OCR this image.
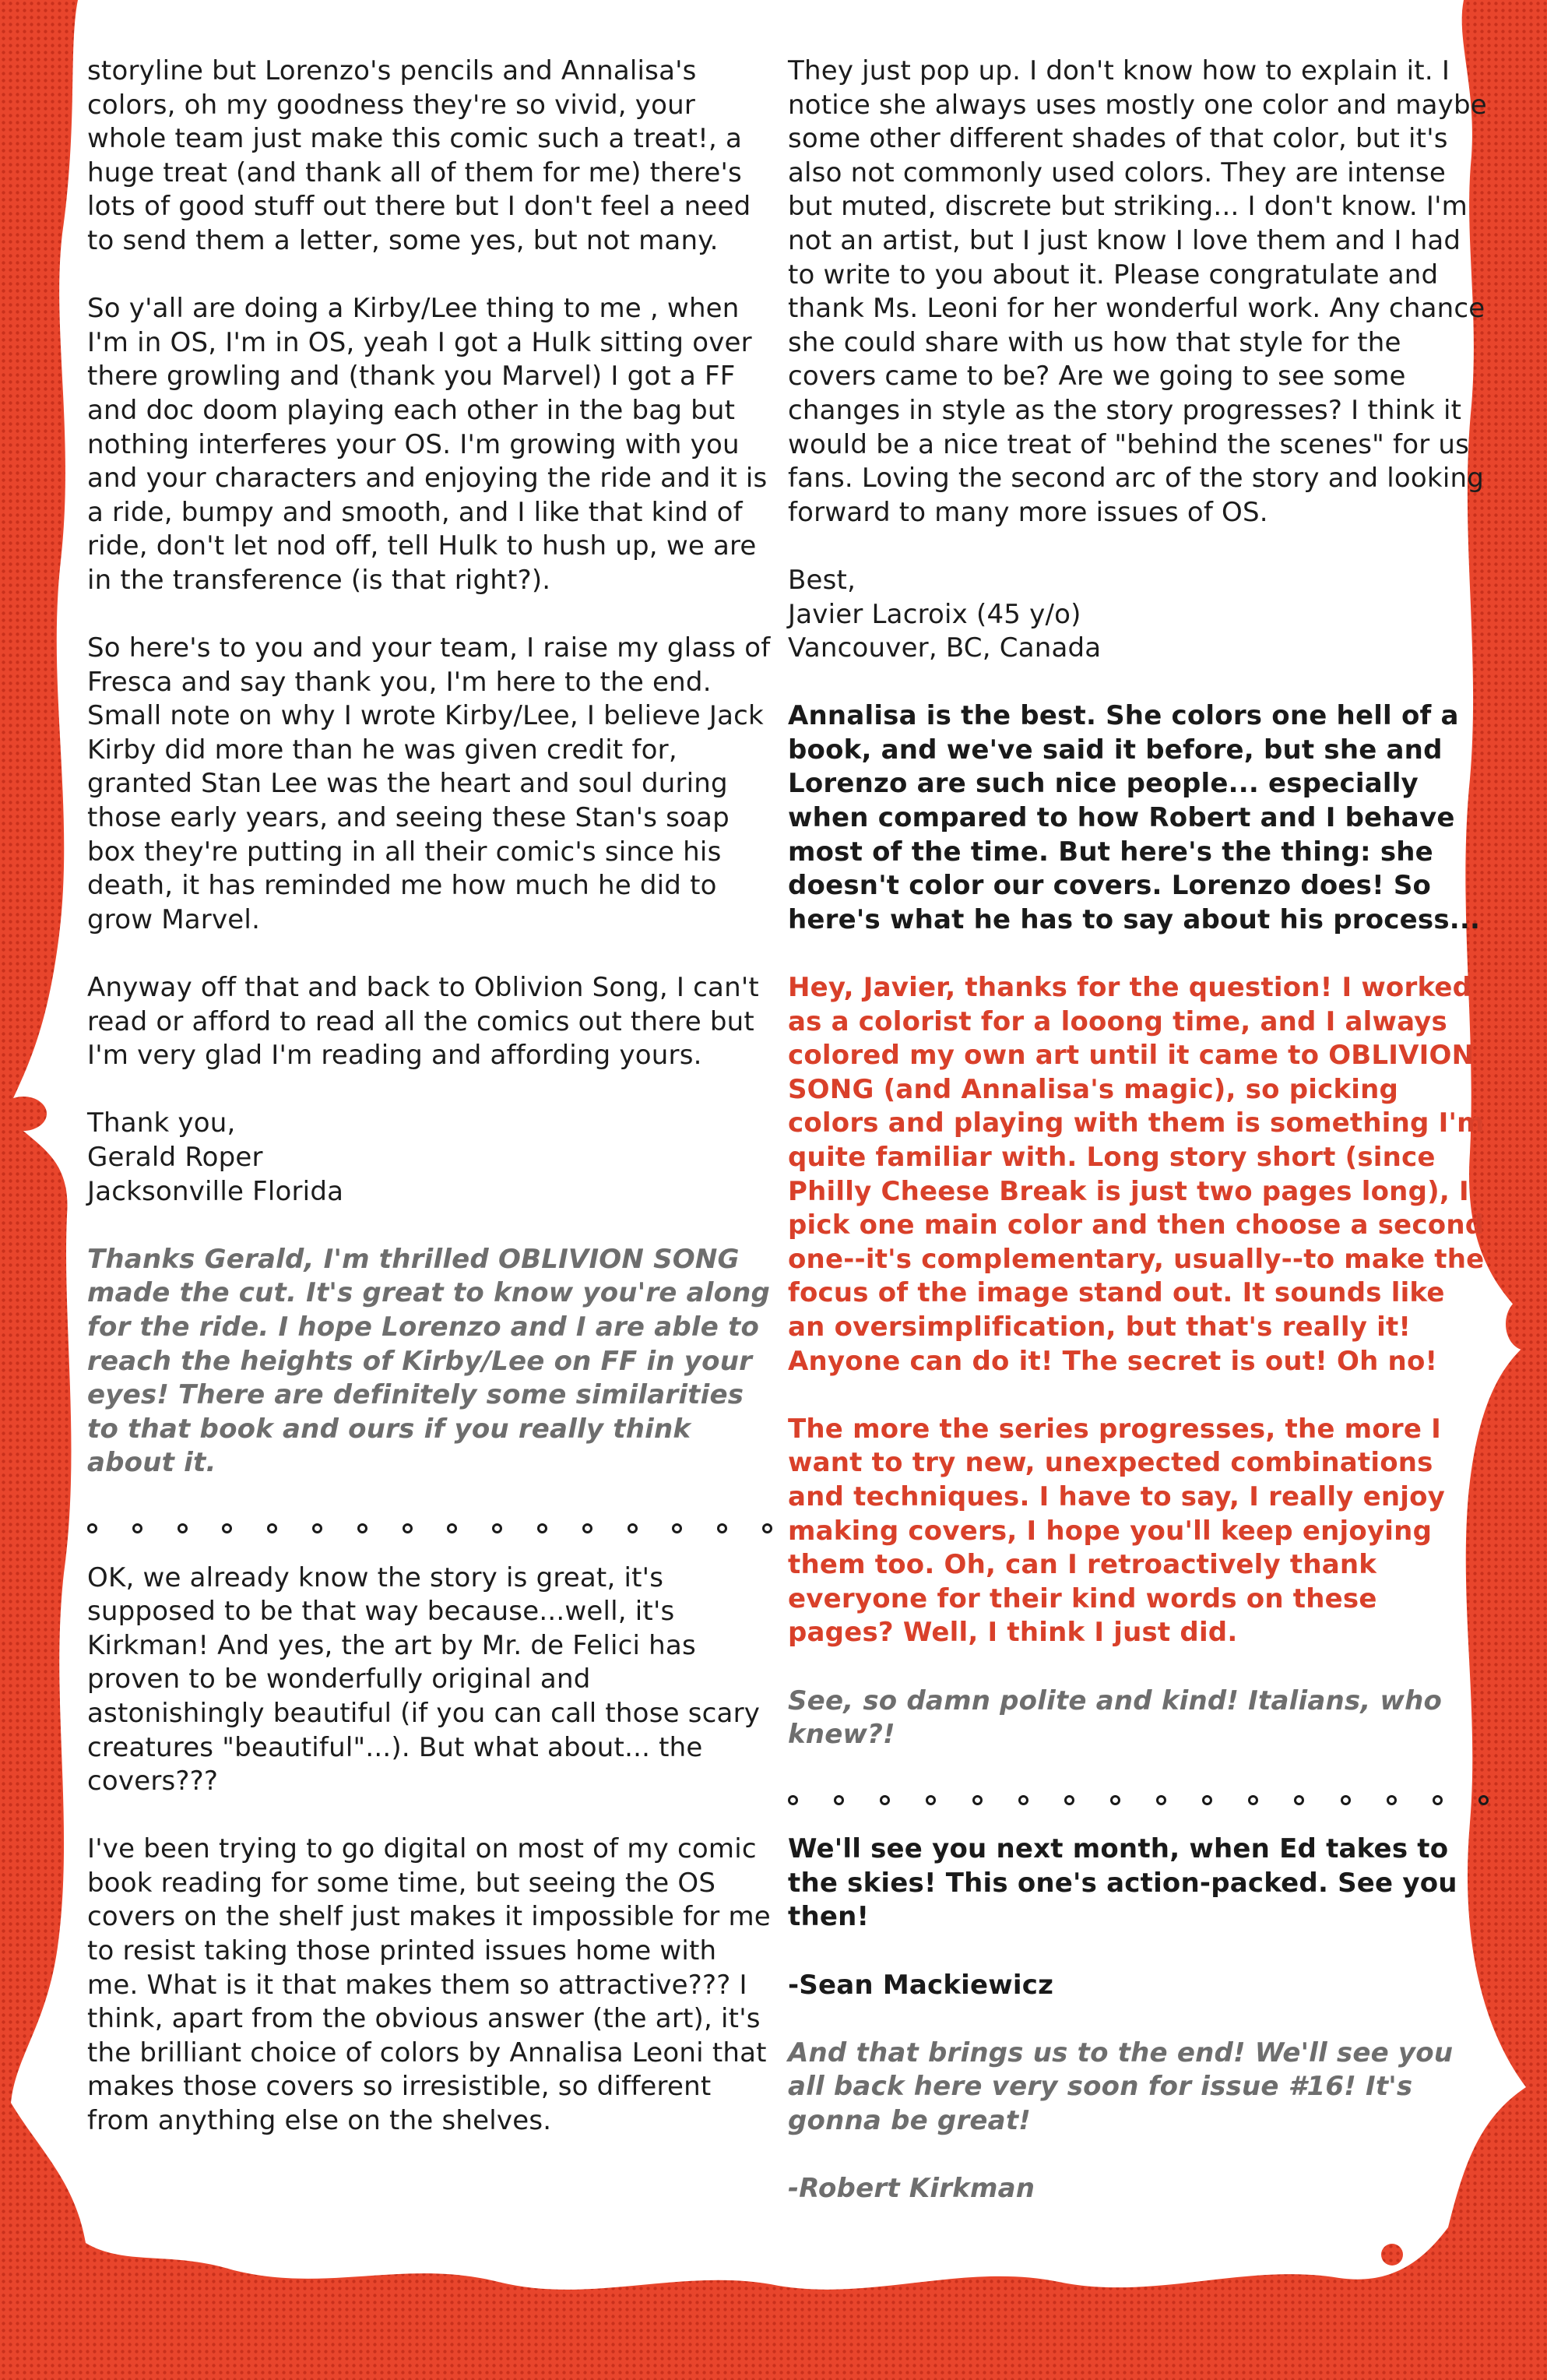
storyline but Lorenzo's pencils and Annalisa's colors, oh my goodness they're so vivid, your whole team just make this comic such a treat!, a huge treat (and thank all of them for me) there's lots of good stuff out there but I don't feel a need to send them a letter, some yes, but not many.

So y'all are doing a Kirby/Lee thing to me , when I'm in OS, I'm in OS, yeah I got a Hulk sitting over there growling and (thank you Marvel) I got a FF and doc doom playing each other in the bag but nothing interferes your OS. I'm growing with you and your characters and enjoying the ride and it is a ride, bumpy and smooth, and I like that kind of ride, don't let nod off, tell Hulk to hush up, we are in the transference (is that right?).

So here's to you and your team, I raise my glass of Fresca and say thank you, I'm here to the end. Small note on why I wrote Kirby/Lee, I believe Jack Kirby did more than he was given credit for, granted Stan Lee was the heart and soul during those early years, and seeing these Stan's soap box they're putting in all their comic's since his death, it has reminded me how much he did to grow Marvel.

Anyway off that and back to Oblivion Song, I can't read or afford to read all the comics out there but I'm very glad I'm reading and affording yours.

Thank you,
Gerald Roper
Jacksonville Florida

Thanks Gerald, I'm thrilled OBLIVION SONG made the cut. It's great to know you're along for the ride. I hope Lorenzo and I are able to reach the heights of Kirby/Lee on FF in your eyes! There are definitely some similarities to that book and ours if you really think about it.

OK, we already know the story is great, it's supposed to be that way because...well, it's Kirkman! And yes, the art by Mr. de Felici has proven to be wonderfully original and astonishingly beautiful (if you can call those scary creatures "beautiful"...). But what about... the covers???

I've been trying to go digital on most of my comic book reading for some time, but seeing the OS covers on the shelf just makes it impossible for me to resist taking those printed issues home with me. What is it that makes them so attractive??? I think, apart from the obvious answer (the art), it's the brilliant choice of colors by Annalisa Leoni that makes those covers so irresistible, so different from anything else on the shelves.

They just pop up. I don't know how to explain it. I notice she always uses mostly one color and maybe some other different shades of that color, but it's also not commonly used colors. They are intense but muted, discrete but striking... I don't know. I'm not an artist, but I just know I love them and I had to write to you about it. Please congratulate and thank Ms. Leoni for her wonderful work. Any chance she could share with us how that style for the covers came to be? Are we going to see some changes in style as the story progresses? I think it would be a nice treat of "behind the scenes" for us fans. Loving the second arc of the story and looking forward to many more issues of OS.

Best,
Javier Lacroix (45 y/o)
Vancouver, BC, Canada

Annalisa is the best. She colors one hell of a book, and we've said it before, but she and Lorenzo are such nice people... especially when compared to how Robert and I behave most of the time. But here's the thing: she doesn't color our covers. Lorenzo does! So here's what he has to say about his process...

Hey, Javier, thanks for the question! I worked as a colorist for a looong time, and I always colored my own art until it came to OBLIVION SONG (and Annalisa's magic), so picking colors and playing with them is something I'm quite familiar with. Long story short (since Philly Cheese Break is just two pages long), I pick one main color and then choose a second one--it's complementary, usually--to make the focus of the image stand out. It sounds like an oversimplification, but that's really it! Anyone can do it! The secret is out! Oh no!

The more the series progresses, the more I want to try new, unexpected combinations and techniques. I have to say, I really enjoy making covers, I hope you'll keep enjoying them too. Oh, can I retroactively thank everyone for their kind words on these pages? Well, I think I just did.

See, so damn polite and kind! Italians, who knew?!

We'll see you next month, when Ed takes to the skies! This one's action-packed. See you then!

-Sean Mackiewicz

And that brings us to the end! We'll see you all back here very soon for issue #16! It's gonna be great!

-Robert Kirkman
